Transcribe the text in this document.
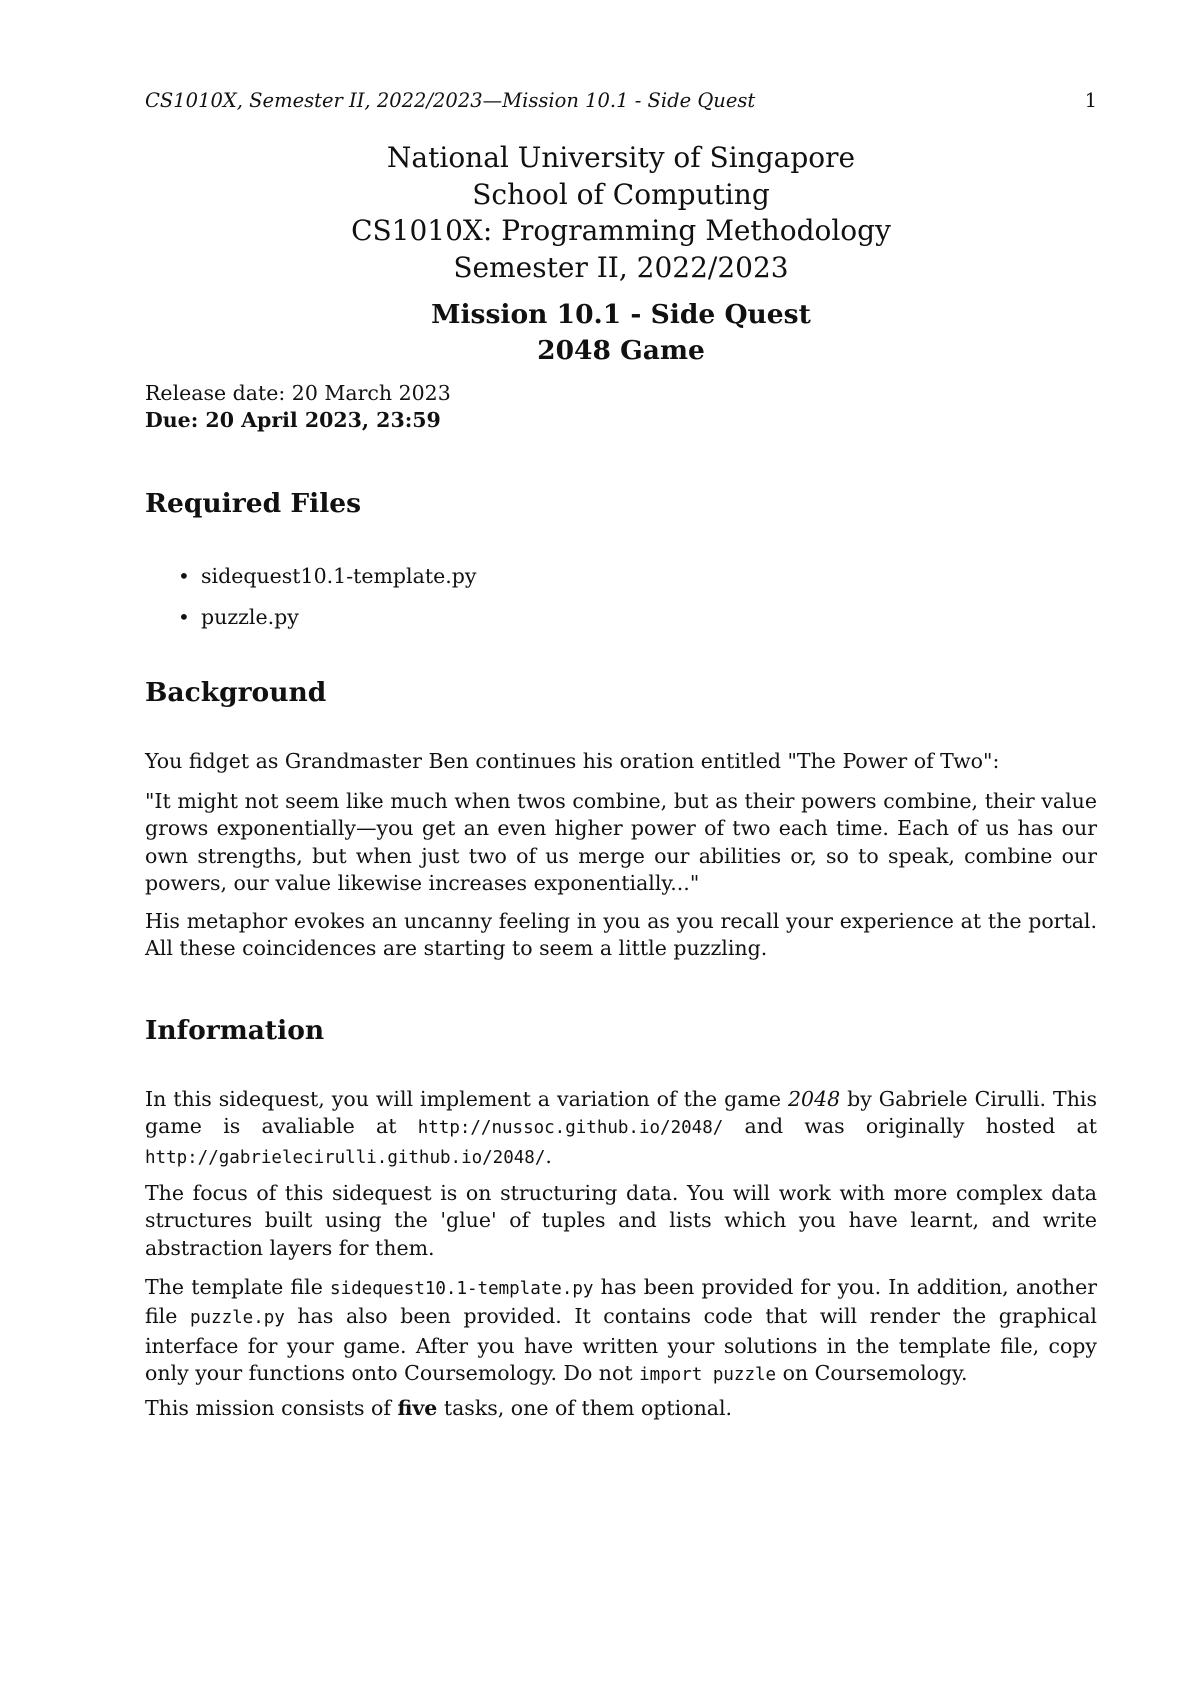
CS1010X, Semester II, 2022/2023—Mission 10.1 - Side Quest	1
National University of Singapore
School of Computing
CS1010X: Programming Methodology
Semester II, 2022/2023
Mission 10.1 - Side Quest
2048 Game
Release date: 20 March 2023
Due: 20 April 2023, 23:59
Required Files
• sidequest10.1-template.py
• puzzle.py
Background

You fidget as Grandmaster Ben continues his oration entitled "The Power of Two":

"It might not seem like much when twos combine, but as their powers combine, their value grows exponentially—you get an even higher power of two each time. Each of us has our own strengths, but when just two of us merge our abilities or, so to speak, combine our powers, our value likewise increases exponentially..."

His metaphor evokes an uncanny feeling in you as you recall your experience at the portal. All these coincidences are starting to seem a little puzzling.

Information

In this sidequest, you will implement a variation of the game 2048 by Gabriele Cirulli. This game is avaliable at http://nussoc.github.io/2048/ and was originally hosted at http://gabrielecirulli.github.io/2048/.

The focus of this sidequest is on structuring data. You will work with more complex data structures built using the 'glue' of tuples and lists which you have learnt, and write abstraction layers for them.

The template file sidequest10.1-template.py has been provided for you. In addition, another file puzzle.py has also been provided. It contains code that will render the graphical interface for your game. After you have written your solutions in the template file, copy only your functions onto Coursemology. Do not import puzzle on Coursemology.

This mission consists of five tasks, one of them optional.
